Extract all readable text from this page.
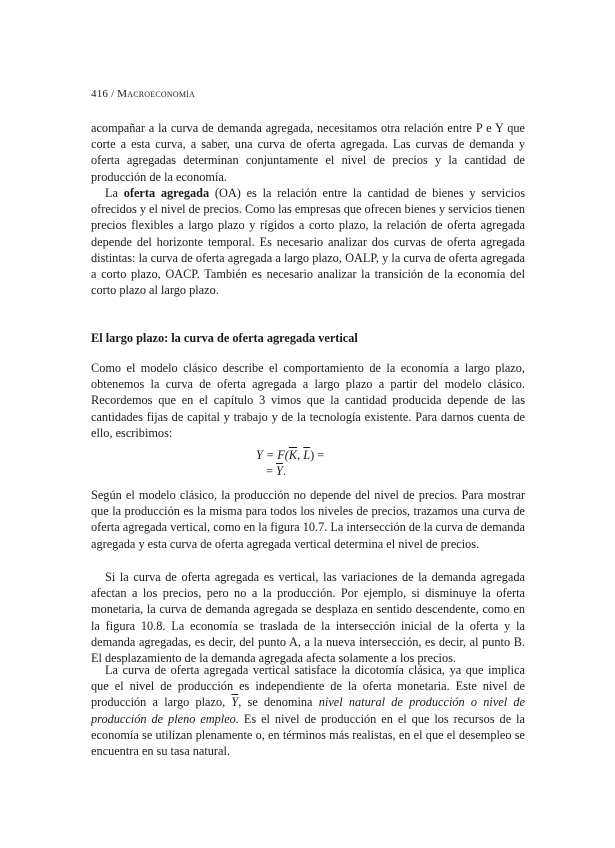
416 / Macroeconomía
acompañar a la curva de demanda agregada, necesitamos otra relación entre P e Y que corte a esta curva, a saber, una curva de oferta agregada. Las curvas de demanda y oferta agregadas determinan conjuntamente el nivel de precios y la cantidad de producción de la economía.
La oferta agregada (OA) es la relación entre la cantidad de bienes y servicios ofrecidos y el nivel de precios. Como las empresas que ofrecen bienes y servicios tienen precios flexibles a largo plazo y rígidos a corto plazo, la relación de oferta agregada depende del horizonte temporal. Es necesario analizar dos curvas de oferta agregada distintas: la curva de oferta agregada a largo plazo, OALP, y la curva de oferta agregada a corto plazo, OACP. También es necesario analizar la transición de la economía del corto plazo al largo plazo.
El largo plazo: la curva de oferta agregada vertical
Como el modelo clásico describe el comportamiento de la economía a largo plazo, obtenemos la curva de oferta agregada a largo plazo a partir del modelo clásico. Recordemos que en el capítulo 3 vimos que la cantidad producida depende de las cantidades fijas de capital y trabajo y de la tecnología existente. Para darnos cuenta de ello, escribimos:
$Y = F(\overline{K}$, $\overline{L}$) =
= $\overline{Y}$.
Según el modelo clásico, la producción no depende del nivel de precios. Para mostrar que la producción es la misma para todos los niveles de precios, trazamos una curva de oferta agregada vertical, como en la figura 10.7. La intersección de la curva de demanda agregada y esta curva de oferta agregada vertical determina el nivel de precios.
Si la curva de oferta agregada es vertical, las variaciones de la demanda agregada afectan a los precios, pero no a la producción. Por ejemplo, si disminuye la oferta monetaria, la curva de demanda agregada se desplaza en sentido descendente, como en la figura 10.8. La economía se traslada de la intersección inicial de la oferta y la demanda agregadas, es decir, del punto A, a la nueva intersección, es decir, al punto B. El desplazamiento de la demanda agregada afecta solamente a los precios.
La curva de oferta agregada vertical satisface la dicotomía clásica, ya que implica que el nivel de producción es independiente de la oferta monetaria. Este nivel de producción a largo plazo, $\overline{Y}$, se denomina nivel natural de producción o nivel de producción de pleno empleo. Es el nivel de producción en el que los recursos de la economía se utilizan plenamente o, en términos más realistas, en el que el desempleo se encuentra en su tasa natural.
